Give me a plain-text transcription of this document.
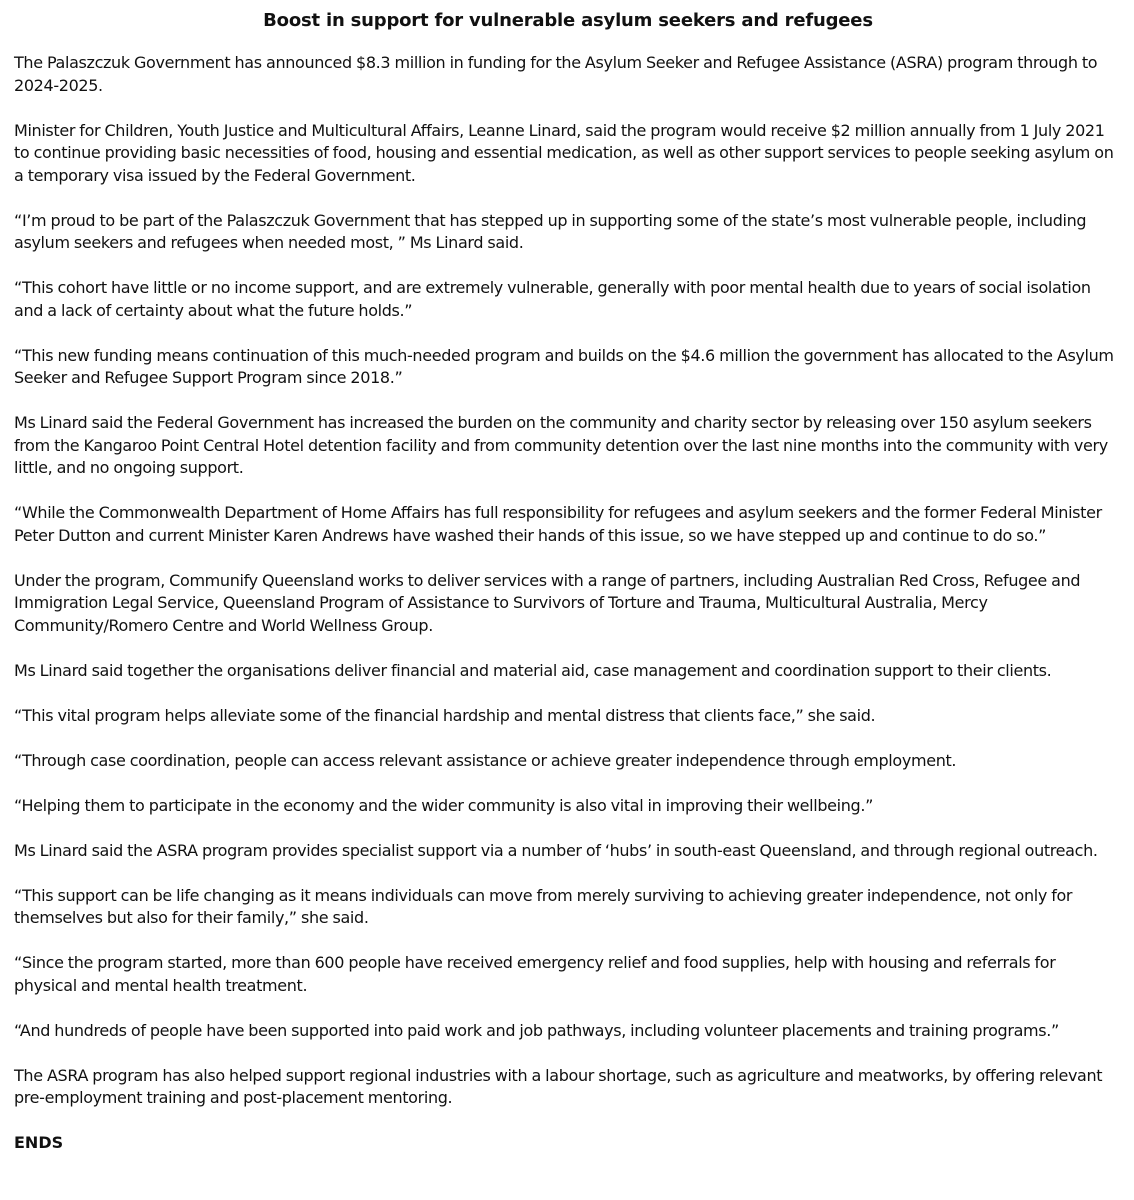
Boost in support for vulnerable asylum seekers and refugees

The Palaszczuk Government has announced $8.3 million in funding for the Asylum Seeker and Refugee Assistance (ASRA) program through to 2024-2025.

Minister for Children, Youth Justice and Multicultural Affairs, Leanne Linard, said the program would receive $2 million annually from 1 July 2021 to continue providing basic necessities of food, housing and essential medication, as well as other support services to people seeking asylum on a temporary visa issued by the Federal Government.

“I’m proud to be part of the Palaszczuk Government that has stepped up in supporting some of the state’s most vulnerable people, including asylum seekers and refugees when needed most, ” Ms Linard said.

“This cohort have little or no income support, and are extremely vulnerable, generally with poor mental health due to years of social isolation and a lack of certainty about what the future holds.”

“This new funding means continuation of this much-needed program and builds on the $4.6 million the government has allocated to the Asylum Seeker and Refugee Support Program since 2018.”

Ms Linard said the Federal Government has increased the burden on the community and charity sector by releasing over 150 asylum seekers from the Kangaroo Point Central Hotel detention facility and from community detention over the last nine months into the community with very little, and no ongoing support.

“While the Commonwealth Department of Home Affairs has full responsibility for refugees and asylum seekers and the former Federal Minister Peter Dutton and current Minister Karen Andrews have washed their hands of this issue, so we have stepped up and continue to do so.”

Under the program, Communify Queensland works to deliver services with a range of partners, including Australian Red Cross, Refugee and Immigration Legal Service, Queensland Program of Assistance to Survivors of Torture and Trauma, Multicultural Australia, Mercy Community/Romero Centre and World Wellness Group.

Ms Linard said together the organisations deliver financial and material aid, case management and coordination support to their clients.

“This vital program helps alleviate some of the financial hardship and mental distress that clients face,” she said.

“Through case coordination, people can access relevant assistance or achieve greater independence through employment.

“Helping them to participate in the economy and the wider community is also vital in improving their wellbeing.”

Ms Linard said the ASRA program provides specialist support via a number of ‘hubs’ in south-east Queensland, and through regional outreach.

“This support can be life changing as it means individuals can move from merely surviving to achieving greater independence, not only for themselves but also for their family,” she said.

“Since the program started, more than 600 people have received emergency relief and food supplies, help with housing and referrals for physical and mental health treatment.

“And hundreds of people have been supported into paid work and job pathways, including volunteer placements and training programs.”

The ASRA program has also helped support regional industries with a labour shortage, such as agriculture and meatworks, by offering relevant pre-employment training and post-placement mentoring.

ENDS
